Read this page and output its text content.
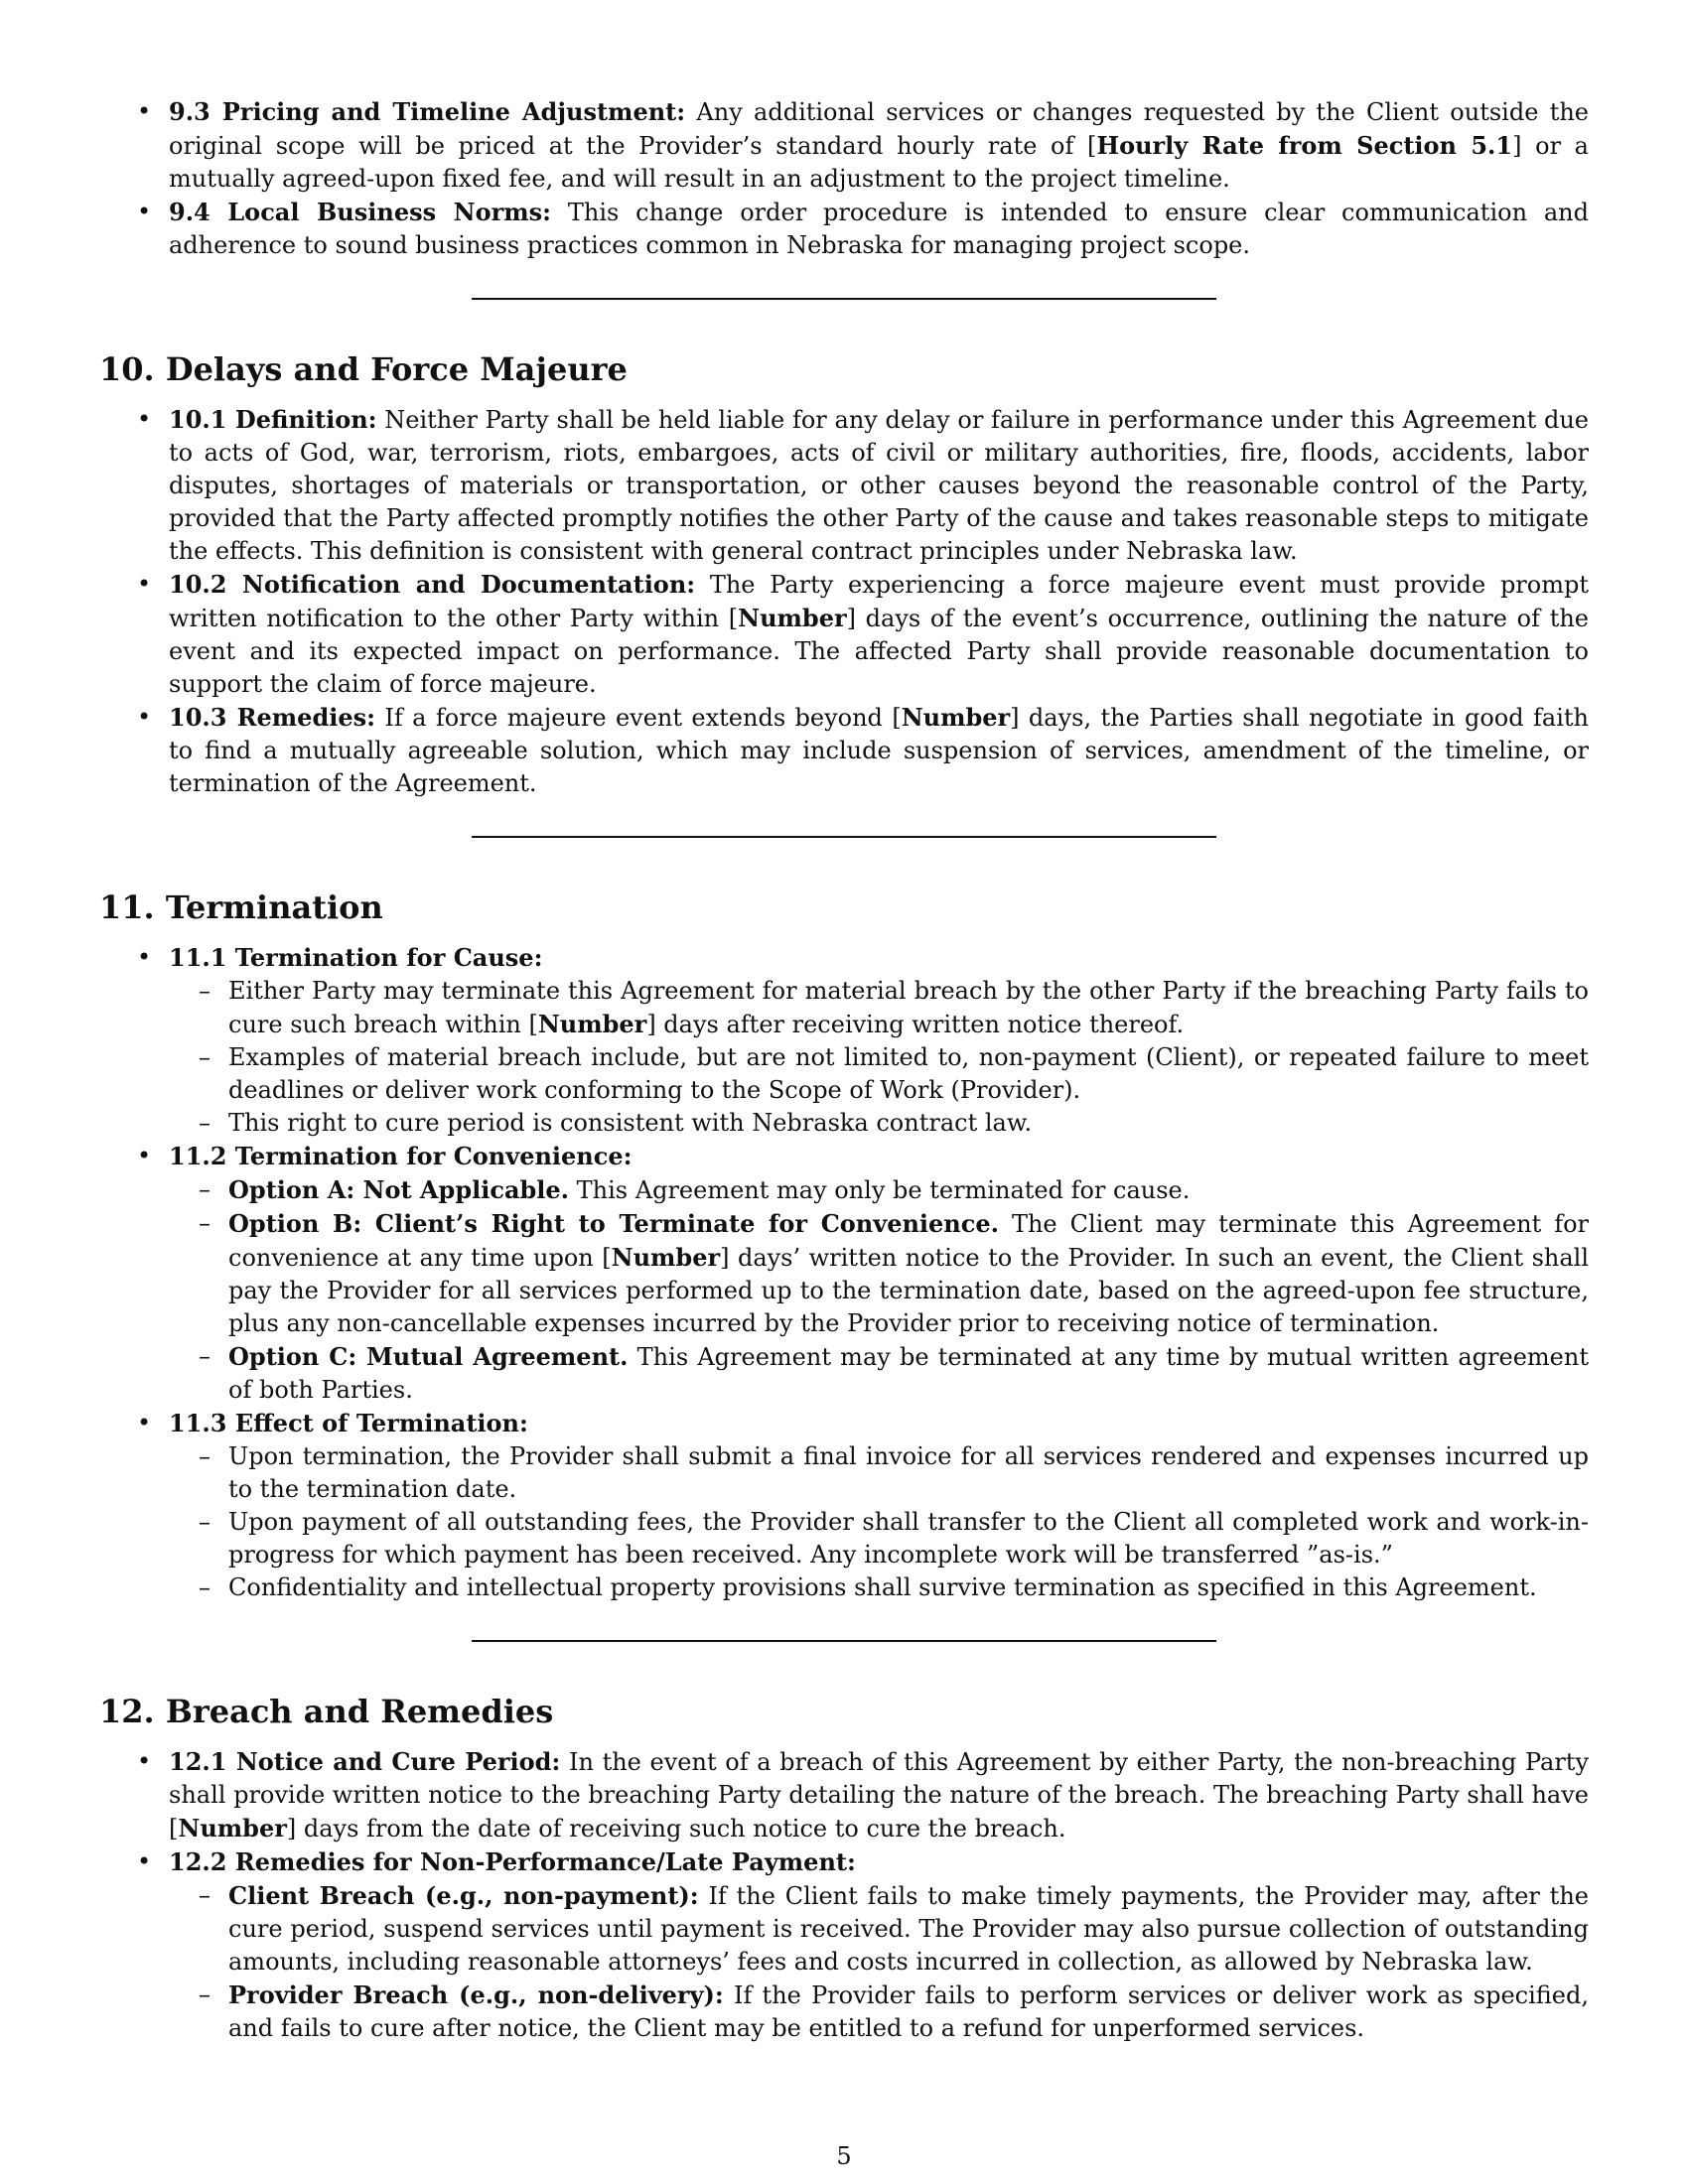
• 9.3 Pricing and Timeline Adjustment: Any additional services or changes requested by the Client outside the original scope will be priced at the Provider’s standard hourly rate of [Hourly Rate from Section 5.1] or a mutually agreed-upon fixed fee, and will result in an adjustment to the project timeline.
• 9.4 Local Business Norms: This change order procedure is intended to ensure clear communication and adherence to sound business practices common in Nebraska for managing project scope.
10. Delays and Force Majeure
• 10.1 Definition: Neither Party shall be held liable for any delay or failure in performance under this Agreement due to acts of God, war, terrorism, riots, embargoes, acts of civil or military authorities, fire, floods, accidents, labor disputes, shortages of materials or transportation, or other causes beyond the reasonable control of the Party, provided that the Party affected promptly notifies the other Party of the cause and takes reasonable steps to mitigate the effects. This definition is consistent with general contract principles under Nebraska law.
• 10.2 Notification and Documentation: The Party experiencing a force majeure event must provide prompt written notification to the other Party within [Number] days of the event’s occurrence, outlining the nature of the event and its expected impact on performance. The affected Party shall provide reasonable documentation to support the claim of force majeure.
• 10.3 Remedies: If a force majeure event extends beyond [Number] days, the Parties shall negotiate in good faith to find a mutually agreeable solution, which may include suspension of services, amendment of the timeline, or termination of the Agreement.
11. Termination
• 11.1 Termination for Cause:
– Either Party may terminate this Agreement for material breach by the other Party if the breaching Party fails to cure such breach within [Number] days after receiving written notice thereof.
– Examples of material breach include, but are not limited to, non-payment (Client), or repeated failure to meet deadlines or deliver work conforming to the Scope of Work (Provider).
– This right to cure period is consistent with Nebraska contract law.
• 11.2 Termination for Convenience:
– Option A: Not Applicable. This Agreement may only be terminated for cause.
– Option B: Client’s Right to Terminate for Convenience. The Client may terminate this Agreement for convenience at any time upon [Number] days’ written notice to the Provider. In such an event, the Client shall pay the Provider for all services performed up to the termination date, based on the agreed-upon fee structure, plus any non-cancellable expenses incurred by the Provider prior to receiving notice of termination.
– Option C: Mutual Agreement. This Agreement may be terminated at any time by mutual written agreement of both Parties.
• 11.3 Effect of Termination:
– Upon termination, the Provider shall submit a final invoice for all services rendered and expenses incurred up to the termination date.
– Upon payment of all outstanding fees, the Provider shall transfer to the Client all completed work and work-in-progress for which payment has been received. Any incomplete work will be transferred ”as-is.”
– Confidentiality and intellectual property provisions shall survive termination as specified in this Agreement.
12. Breach and Remedies
• 12.1 Notice and Cure Period: In the event of a breach of this Agreement by either Party, the non-breaching Party shall provide written notice to the breaching Party detailing the nature of the breach. The breaching Party shall have [Number] days from the date of receiving such notice to cure the breach.
• 12.2 Remedies for Non-Performance/Late Payment:
– Client Breach (e.g., non-payment): If the Client fails to make timely payments, the Provider may, after the cure period, suspend services until payment is received. The Provider may also pursue collection of outstanding amounts, including reasonable attorneys’ fees and costs incurred in collection, as allowed by Nebraska law.
– Provider Breach (e.g., non-delivery): If the Provider fails to perform services or deliver work as specified, and fails to cure after notice, the Client may be entitled to a refund for unperformed services.
5
